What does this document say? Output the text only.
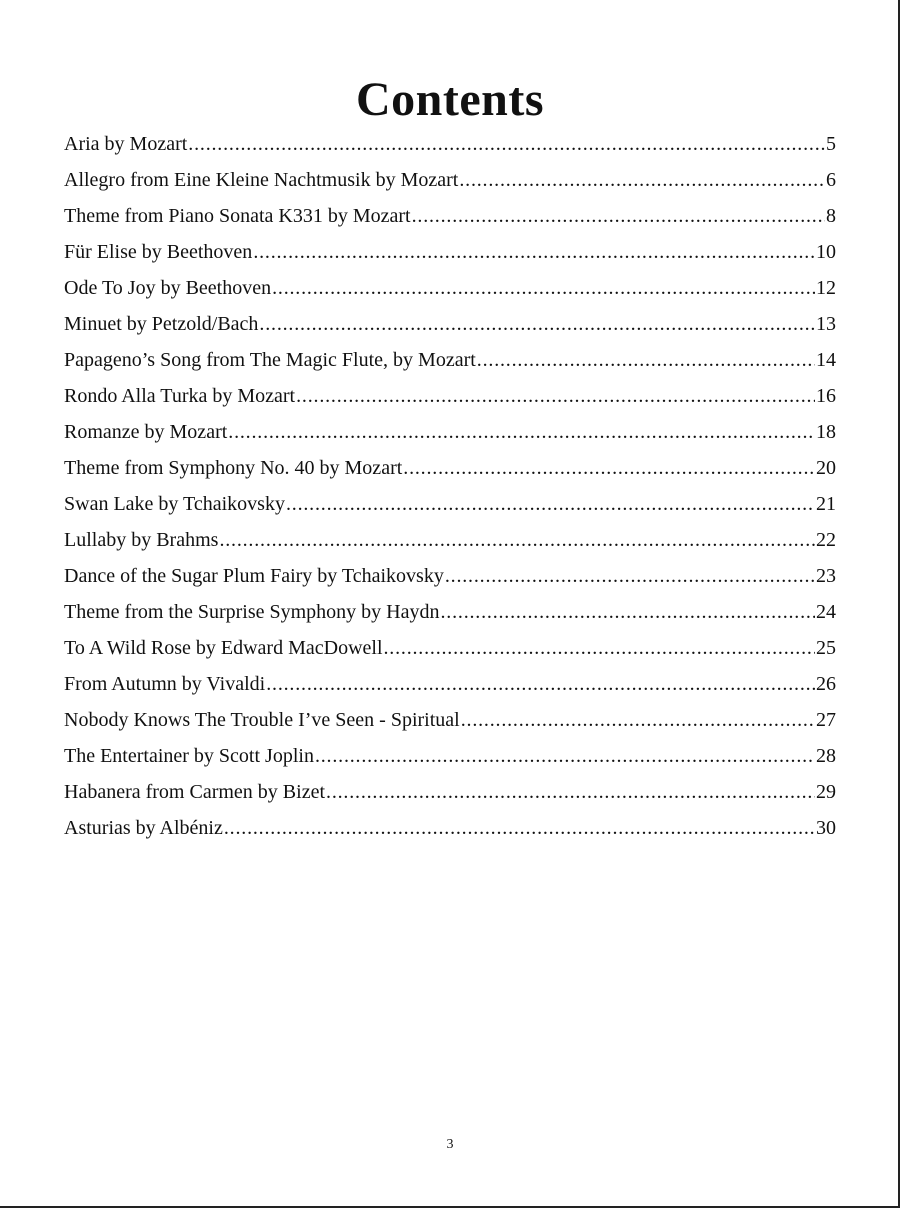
Contents
Aria by Mozart .....	5
Allegro from Eine Kleine Nachtmusik by Mozart .....	6
Theme from Piano Sonata K331 by Mozart .....	8
Für Elise by Beethoven .....	10
Ode To Joy by Beethoven .....	12
Minuet by Petzold/Bach .....	13
Papageno’s Song from The Magic Flute, by Mozart .....	14
Rondo Alla Turka by Mozart .....	16
Romanze by Mozart .....	18
Theme from Symphony No. 40 by Mozart .....	20
Swan Lake by Tchaikovsky .....	21
Lullaby by Brahms .....	22
Dance of the Sugar Plum Fairy by Tchaikovsky .....	23
Theme from the Surprise Symphony by Haydn .....	24
To A Wild Rose by Edward MacDowell .....	25
From Autumn by Vivaldi .....	26
Nobody Knows The Trouble I’ve Seen - Spiritual .....	27
The Entertainer by Scott Joplin .....	28
Habanera from Carmen by Bizet .....	29
Asturias by Albéniz .....	30
3
